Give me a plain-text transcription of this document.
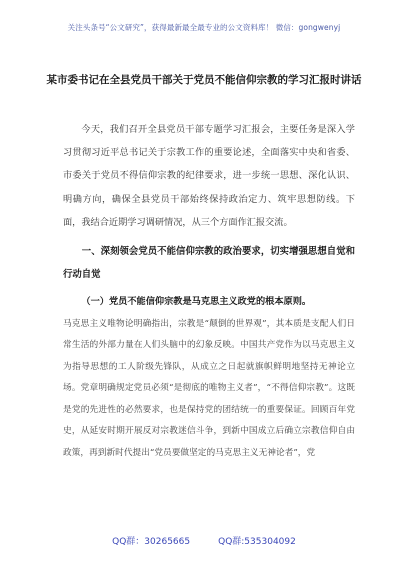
关注头条号“公文研究”，获得最新最全最专业的公文资料库！ 微信：gongwenyj
某市委书记在全县党员干部关于党员不能信仰宗教的学习汇报时讲话

今天，我们召开全县党员干部专题学习汇报会，主要任务是深入学习贯彻习近平总书记关于宗教工作的重要论述，全面落实中央和省委、市委关于党员不得信仰宗教的纪律要求，进一步统一思想、深化认识、明确方向，确保全县党员干部始终保持政治定力、筑牢思想防线。下面，我结合近期学习调研情况，从三个方面作汇报交流。

一、深刻领会党员不能信仰宗教的政治要求，切实增强思想自觉和行动自觉

（一）党员不能信仰宗教是马克思主义政党的根本原则。

马克思主义唯物论明确指出，宗教是“颠倒的世界观”，其本质是支配人们日常生活的外部力量在人们头脑中的幻象反映。中国共产党作为以马克思主义为指导思想的工人阶级先锋队，从成立之日起就旗帜鲜明地坚持无神论立场。党章明确规定党员必须“是彻底的唯物主义者”，“不得信仰宗教”。这既是党的先进性的必然要求，也是保持党的团结统一的重要保证。回顾百年党史，从延安时期开展反对宗教迷信斗争，到新中国成立后确立宗教信仰自由政策，再到新时代提出“党员要做坚定的马克思主义无神论者”，党

QQ群：30265665	QQ群:535304092
